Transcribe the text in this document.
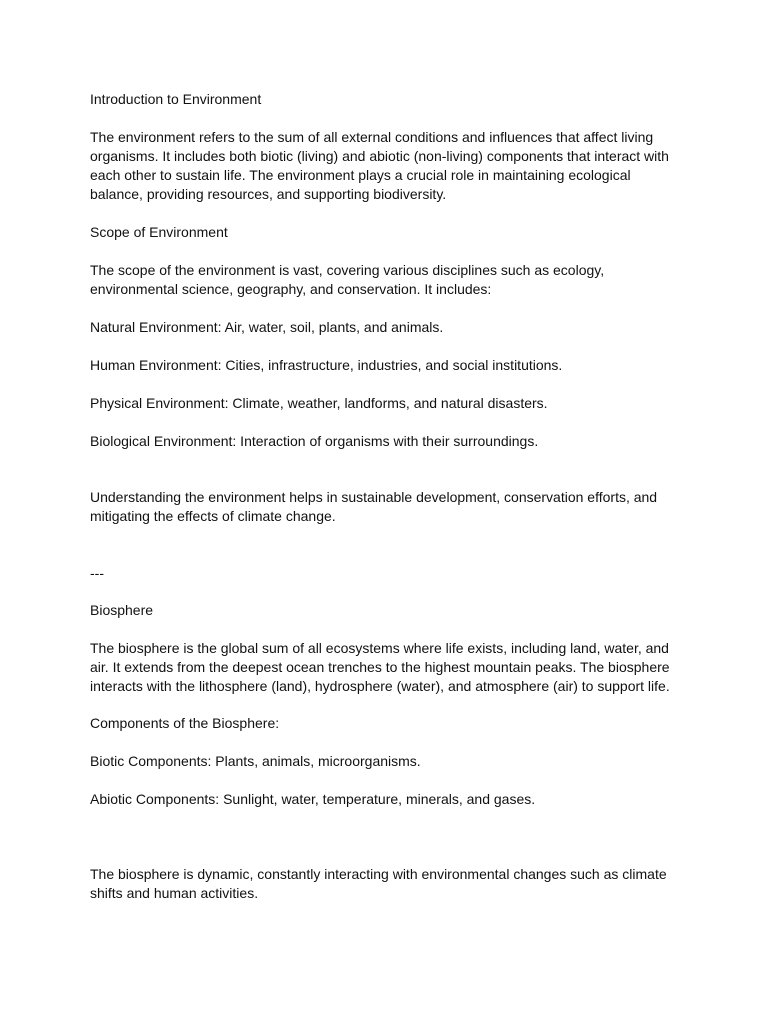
Introduction to Environment

The environment refers to the sum of all external conditions and influences that affect living organisms. It includes both biotic (living) and abiotic (non-living) components that interact with each other to sustain life. The environment plays a crucial role in maintaining ecological balance, providing resources, and supporting biodiversity.

Scope of Environment

The scope of the environment is vast, covering various disciplines such as ecology, environmental science, geography, and conservation. It includes:

Natural Environment: Air, water, soil, plants, and animals.

Human Environment: Cities, infrastructure, industries, and social institutions.

Physical Environment: Climate, weather, landforms, and natural disasters.

Biological Environment: Interaction of organisms with their surroundings.

Understanding the environment helps in sustainable development, conservation efforts, and mitigating the effects of climate change.

---

Biosphere

The biosphere is the global sum of all ecosystems where life exists, including land, water, and air. It extends from the deepest ocean trenches to the highest mountain peaks. The biosphere interacts with the lithosphere (land), hydrosphere (water), and atmosphere (air) to support life.

Components of the Biosphere:

Biotic Components: Plants, animals, microorganisms.

Abiotic Components: Sunlight, water, temperature, minerals, and gases.

The biosphere is dynamic, constantly interacting with environmental changes such as climate shifts and human activities.
